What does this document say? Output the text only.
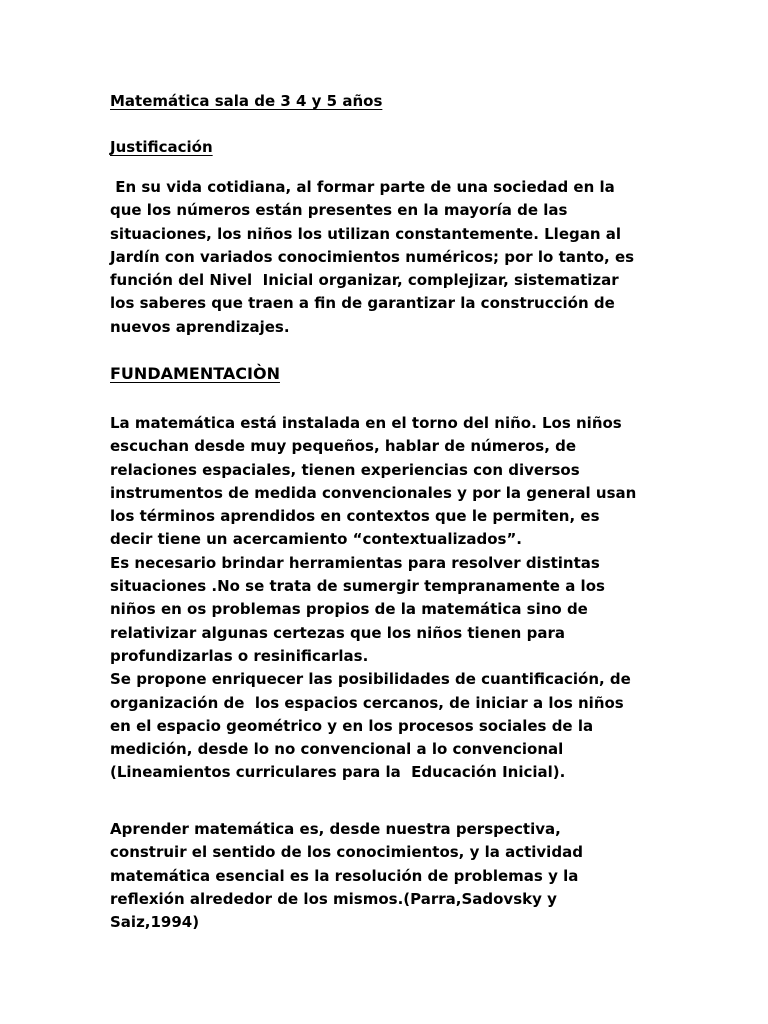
Matemática sala de 3 4 y 5 años
Justificación
En su vida cotidiana, al formar parte de una sociedad en la
que los números están presentes en la mayoría de las
situaciones, los niños los utilizan constantemente. Llegan al
Jardín con variados conocimientos numéricos; por lo tanto, es
función del Nivel  Inicial organizar, complejizar, sistematizar
los saberes que traen a fin de garantizar la construcción de
nuevos aprendizajes.
FUNDAMENTACIÒN
La matemática está instalada en el torno del niño. Los niños
escuchan desde muy pequeños, hablar de números, de
relaciones espaciales, tienen experiencias con diversos
instrumentos de medida convencionales y por la general usan
los términos aprendidos en contextos que le permiten, es
decir tiene un acercamiento “contextualizados”.
Es necesario brindar herramientas para resolver distintas
situaciones .No se trata de sumergir tempranamente a los
niños en os problemas propios de la matemática sino de
relativizar algunas certezas que los niños tienen para
profundizarlas o resinificarlas.
Se propone enriquecer las posibilidades de cuantificación, de
organización de  los espacios cercanos, de iniciar a los niños
en el espacio geométrico y en los procesos sociales de la
medición, desde lo no convencional a lo convencional
(Lineamientos curriculares para la  Educación Inicial).
Aprender matemática es, desde nuestra perspectiva,
construir el sentido de los conocimientos, y la actividad
matemática esencial es la resolución de problemas y la
reflexión alrededor de los mismos.(Parra,Sadovsky y
Saiz,1994)
